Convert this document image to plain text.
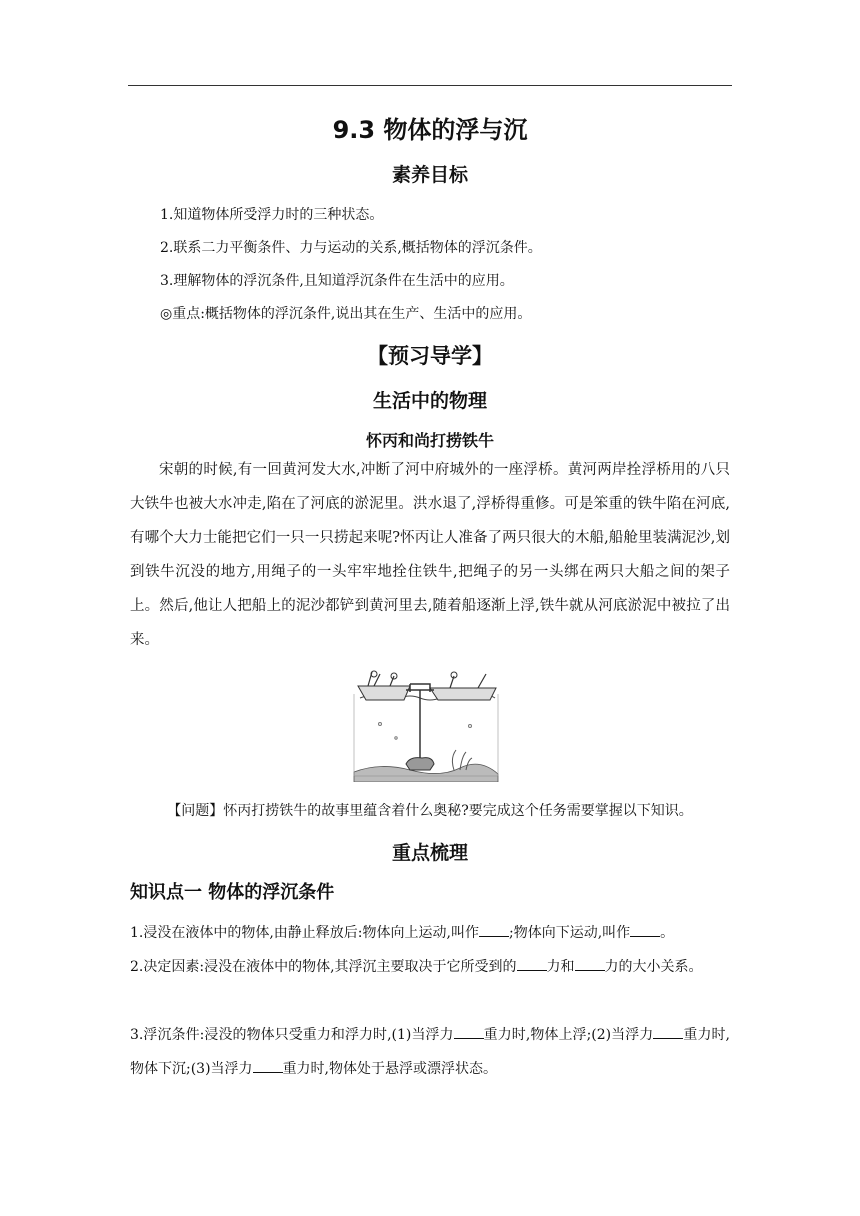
9.3 物体的浮与沉
素养目标
1.知道物体所受浮力时的三种状态。
2.联系二力平衡条件、力与运动的关系,概括物体的浮沉条件。
3.理解物体的浮沉条件,且知道浮沉条件在生活中的应用。
◎重点:概括物体的浮沉条件,说出其在生产、生活中的应用。
【预习导学】
生活中的物理
怀丙和尚打捞铁牛

宋朝的时候,有一回黄河发大水,冲断了河中府城外的一座浮桥。黄河两岸拴浮桥用的八只大铁牛也被大水冲走,陷在了河底的淤泥里。洪水退了,浮桥得重修。可是笨重的铁牛陷在河底,有哪个大力士能把它们一只一只捞起来呢?怀丙让人准备了两只很大的木船,船舱里装满泥沙,划到铁牛沉没的地方,用绳子的一头牢牢地拴住铁牛,把绳子的另一头绑在两只大船之间的架子上。然后,他让人把船上的泥沙都铲到黄河里去,随着船逐渐上浮,铁牛就从河底淤泥中被拉了出来。

【问题】怀丙打捞铁牛的故事里蕴含着什么奥秘?要完成这个任务需要掌握以下知识。
重点梳理
知识点一 物体的浮沉条件

1.浸没在液体中的物体,由静止释放后:物体向上运动,叫作 ;物体向下运动,叫作 。

2.决定因素:浸没在液体中的物体,其浮沉主要取决于它所受到的 力和 力的大小关系。

3.浮沉条件:浸没的物体只受重力和浮力时,(1)当浮力 重力时,物体上浮;(2)当浮力 重力时,物体下沉;(3)当浮力 重力时,物体处于悬浮或漂浮状态。
